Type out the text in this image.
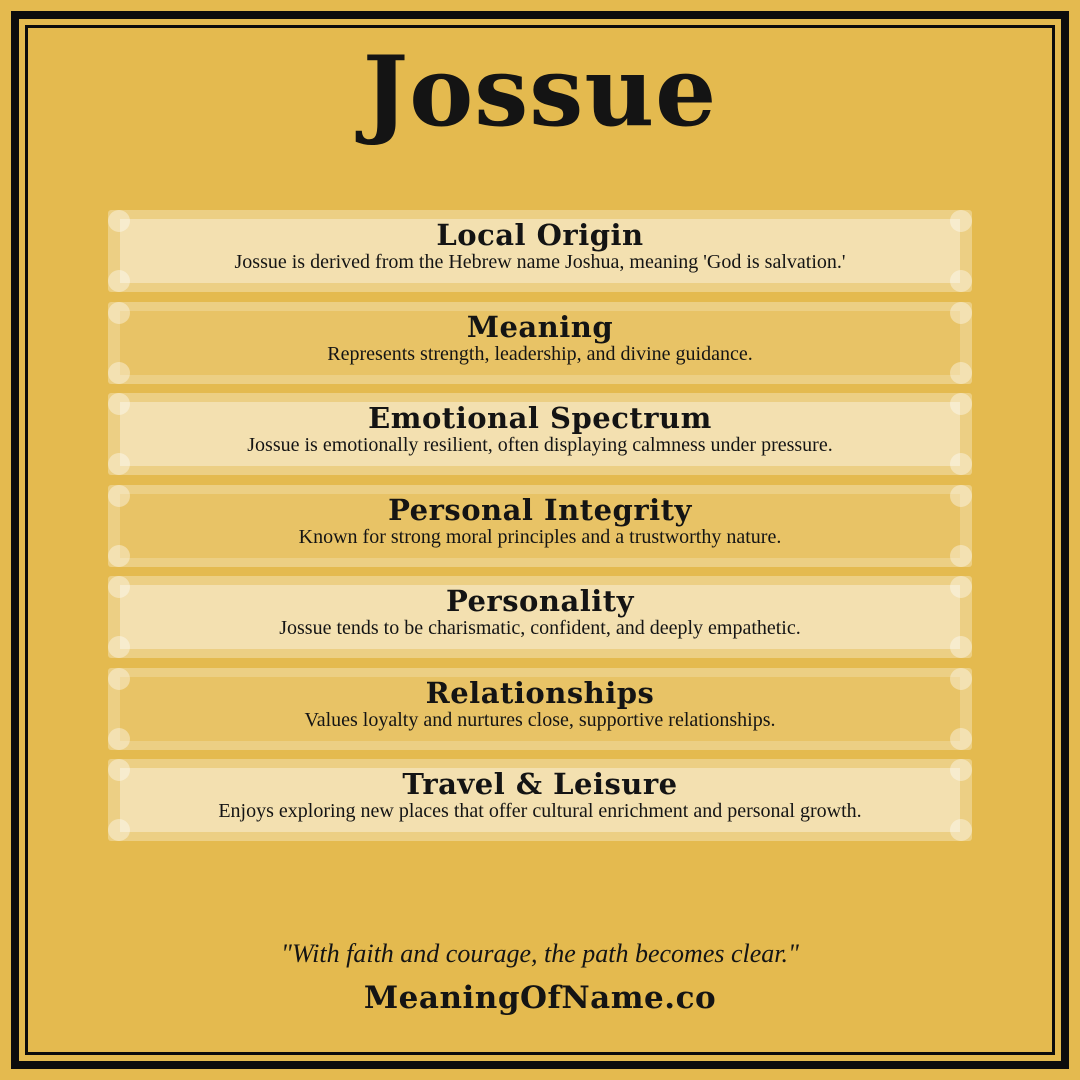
Jossue
Local Origin
Jossue is derived from the Hebrew name Joshua, meaning 'God is salvation.'
Meaning
Represents strength, leadership, and divine guidance.
Emotional Spectrum
Jossue is emotionally resilient, often displaying calmness under pressure.
Personal Integrity
Known for strong moral principles and a trustworthy nature.
Personality
Jossue tends to be charismatic, confident, and deeply empathetic.
Relationships
Values loyalty and nurtures close, supportive relationships.
Travel & Leisure
Enjoys exploring new places that offer cultural enrichment and personal growth.
"With faith and courage, the path becomes clear."
MeaningOfName.co
